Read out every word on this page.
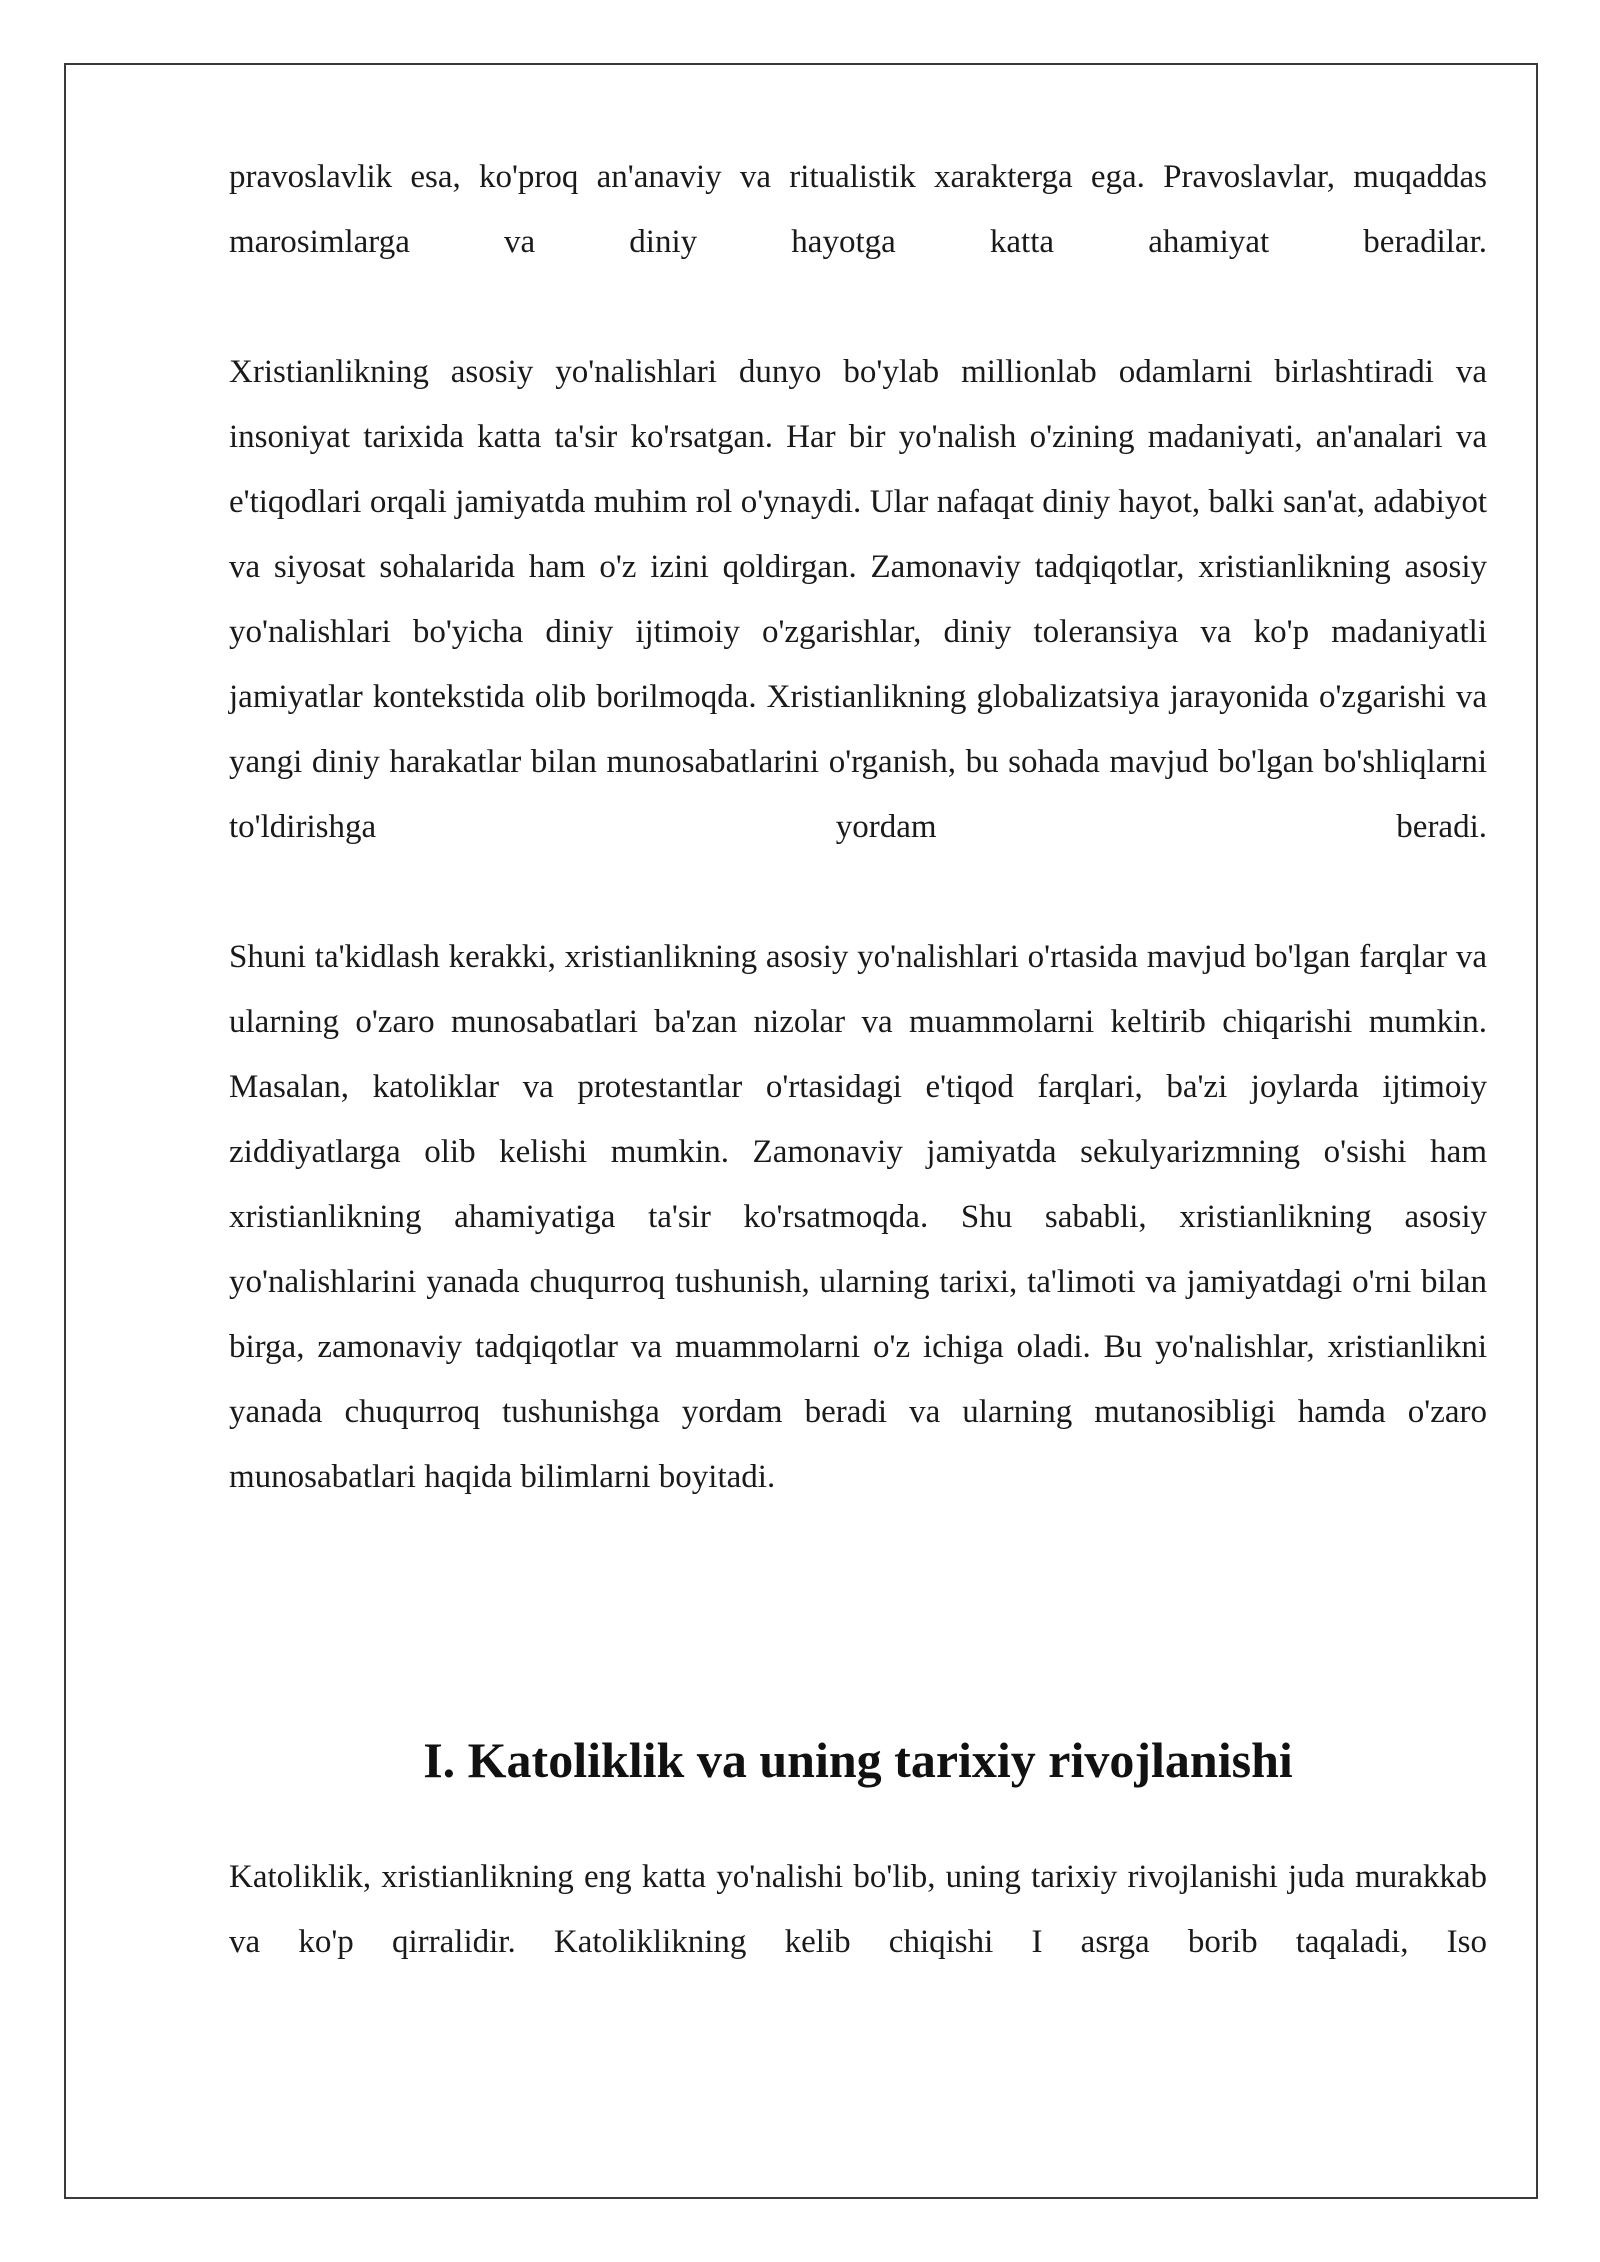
pravoslavlik esa, ko'proq an'anaviy va ritualistik xarakterga ega. Pravoslavlar, muqaddas marosimlarga va diniy hayotga katta ahamiyat beradilar.

Xristianlikning asosiy yo'nalishlari dunyo bo'ylab millionlab odamlarni birlashtiradi va insoniyat tarixida katta ta'sir ko'rsatgan. Har bir yo'nalish o'zining madaniyati, an'analari va e'tiqodlari orqali jamiyatda muhim rol o'ynaydi. Ular nafaqat diniy hayot, balki san'at, adabiyot va siyosat sohalarida ham o'z izini qoldirgan. Zamonaviy tadqiqotlar, xristianlikning asosiy yo'nalishlari bo'yicha diniy ijtimoiy o'zgarishlar, diniy toleransiya va ko'p madaniyatli jamiyatlar kontekstida olib borilmoqda. Xristianlikning globalizatsiya jarayonida o'zgarishi va yangi diniy harakatlar bilan munosabatlarini o'rganish, bu sohada mavjud bo'lgan bo'shliqlarni to'ldirishga yordam beradi.

Shuni ta'kidlash kerakki, xristianlikning asosiy yo'nalishlari o'rtasida mavjud bo'lgan farqlar va ularning o'zaro munosabatlari ba'zan nizolar va muammolarni keltirib chiqarishi mumkin. Masalan, katoliklar va protestantlar o'rtasidagi e'tiqod farqlari, ba'zi joylarda ijtimoiy ziddiyatlarga olib kelishi mumkin. Zamonaviy jamiyatda sekulyarizmning o'sishi ham xristianlikning ahamiyatiga ta'sir ko'rsatmoqda. Shu sababli, xristianlikning asosiy yo'nalishlarini yanada chuqurroq tushunish, ularning tarixi, ta'limoti va jamiyatdagi o'rni bilan birga, zamonaviy tadqiqotlar va muammolarni o'z ichiga oladi. Bu yo'nalishlar, xristianlikni yanada chuqurroq tushunishga yordam beradi va ularning mutanosibligi hamda o'zaro munosabatlari haqida bilimlarni boyitadi.

I. Katoliklik va uning tarixiy rivojlanishi

Katoliklik, xristianlikning eng katta yo'nalishi bo'lib, uning tarixiy rivojlanishi juda murakkab va ko'p qirralidir. Katoliklikning kelib chiqishi I asrga borib taqaladi, Iso
